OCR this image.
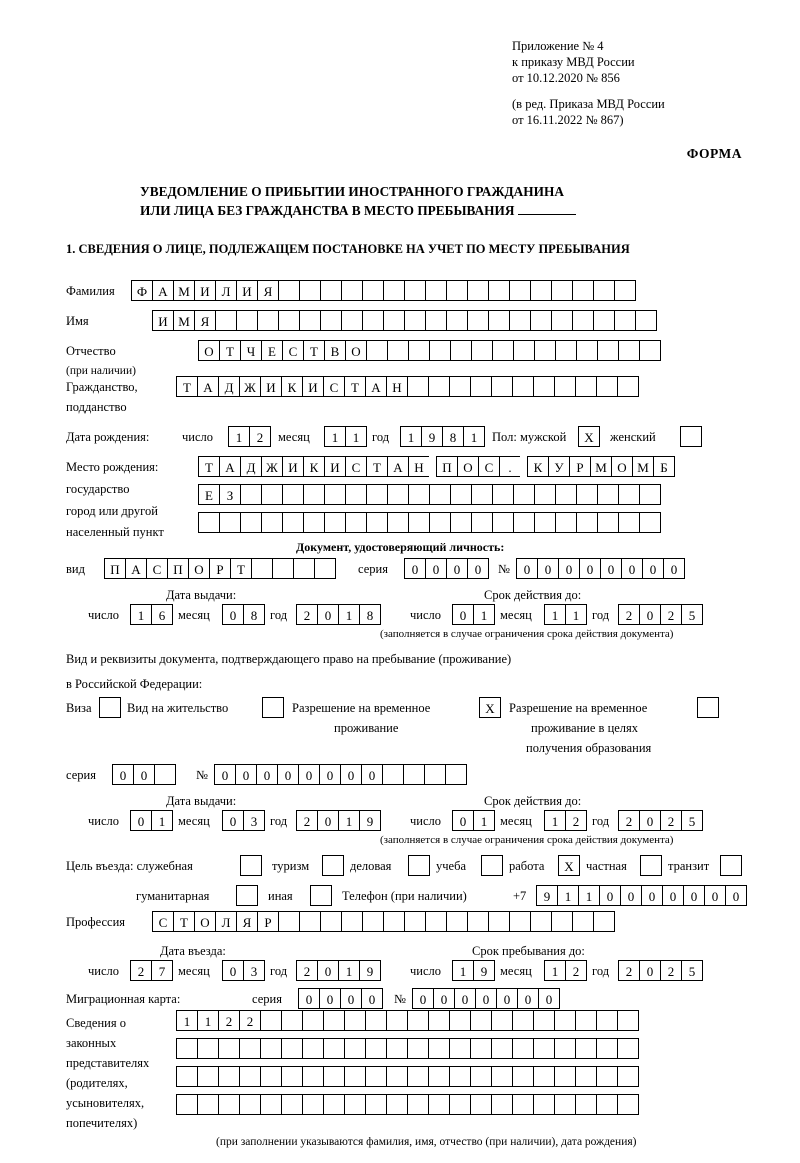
Приложение № 4
к приказу МВД России
от 10.12.2020 № 856
(в ред. Приказа МВД России
от 16.11.2022 № 867)
ФОРМА
УВЕДОМЛЕНИЕ О ПРИБЫТИИ ИНОСТРАННОГО ГРАЖДАНИНА
ИЛИ ЛИЦА БЕЗ ГРАЖДАНСТВА В МЕСТО ПРЕБЫВАНИЯ
1. СВЕДЕНИЯ О ЛИЦЕ, ПОДЛЕЖАЩЕМ ПОСТАНОВКЕ НА УЧЕТ ПО МЕСТУ ПРЕБЫВАНИЯ
Фамилия	Ф А М И Л И Я
Имя	И М Я
Отчество
(при наличии)
О Т Ч Е С Т В О
Гражданство,
подданство
Т А Д Ж И К И С Т А Н
Дата рождения:	число	1	2	месяц	1	1	год	1	9	8	1	Пол: мужской	Х	женский
Место рождения:
государство
город или другой
населенный пункт
Т А Д Ж И К И С Т А Н	П О С	.	К У Р М О М Б
Е	З
Документ, удостоверяющий личность:
вид	П А С П О Р	Т	серия	0	0	0	0	№	0	0	0	0	0	0	0	0
Дата выдачи:	Срок действия до:
число	1	6	месяц	0	8	год	2	0	1	8	число	0	1	месяц	1	1	год	2	0	2	5
(заполняется в случае ограничения срока действия документа)
Вид и реквизиты документа, подтверждающего право на пребывание (проживание)
в Российской Федерации:
Виза	Вид на жительство	Разрешение на временное
проживание
Х	Разрешение на временное
проживание в целях
получения образования
серия	0	0	№	0	0	0	0	0	0	0	0
Дата выдачи:	Срок действия до:
число	0	1	месяц	0	3	год	2	0	1	9	число	0	1	месяц	1	2	год	2	0	2	5
(заполняется в случае ограничения срока действия документа)
Цель въезда: служебная	туризм	деловая	учеба	работа	Х частная	транзит
гуманитарная	иная	Телефон (при наличии)	+7	9	1	1	0	0	0	0	0	0	0
Профессия	С Т О Л Я	Р
Дата въезда:	Срок пребывания до:
число	2	7	месяц	0	3	год	2	0	1	9	число	1	9	месяц	1	2	год	2	0	2	5
Миграционная карта:	серия	0	0	0	0	№	0	0	0	0	0	0	0
Сведения о
законных
представителях
(родителях,
усыновителях,
попечителях)
1	1	2	2
(при заполнении указываются фамилия, имя, отчество (при наличии), дата рождения)
